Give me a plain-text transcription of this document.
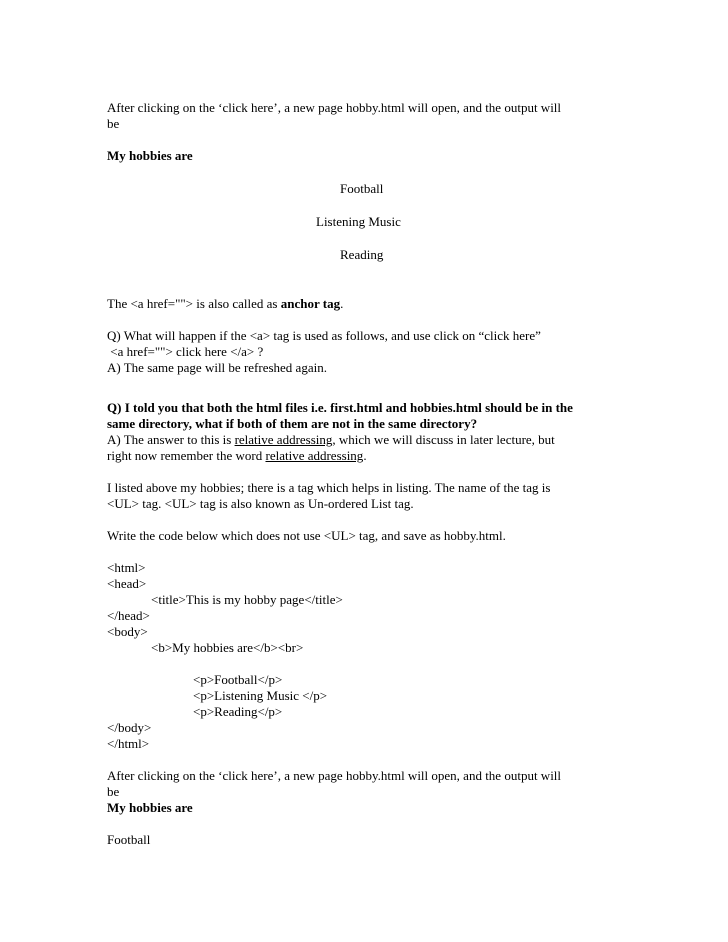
After clicking on the ‘click here’, a new page hobby.html will open, and the output will
be
My hobbies are
Football
Listening Music
Reading
The <a href=""> is also called as anchor tag.
Q) What will happen if the <a> tag is used as follows, and use click on “click here”
<a href=""> click here </a> ?
A) The same page will be refreshed again.
Q) I told you that both the html files i.e. first.html and hobbies.html should be in the
same directory, what if both of them are not in the same directory?
A) The answer to this is relative addressing, which we will discuss in later lecture, but
right now remember the word relative addressing.
I listed above my hobbies; there is a tag which helps in listing. The name of the tag is
<UL> tag. <UL> tag is also known as Un-ordered List tag.
Write the code below which does not use <UL> tag, and save as hobby.html.
<html>
<head>
<title>This is my hobby page</title>
</head>
<body>
<b>My hobbies are</b><br>
<p>Football</p>
<p>Listening Music </p>
<p>Reading</p>
</body>
</html>
After clicking on the ‘click here’, a new page hobby.html will open, and the output will
be
My hobbies are
Football
